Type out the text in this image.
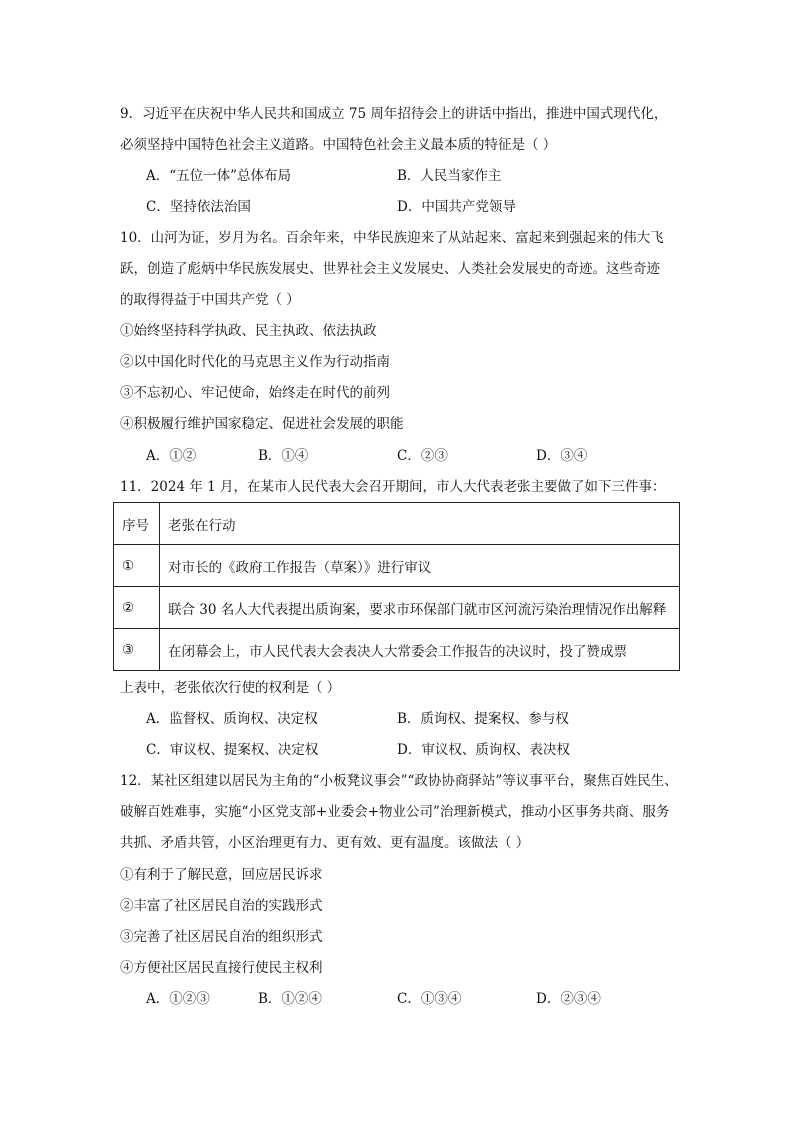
9．习近平在庆祝中华人民共和国成立 75 周年招待会上的讲话中指出，推进中国式现代化，
必须坚持中国特色社会主义道路。中国特色社会主义最本质的特征是（ ）
A．“五位一体”总体布局	B．人民当家作主
C．坚持依法治国	D．中国共产党领导
10．山河为证，岁月为名。百余年来，中华民族迎来了从站起来、富起来到强起来的伟大飞
跃，创造了彪炳中华民族发展史、世界社会主义发展史、人类社会发展史的奇迹。这些奇迹
的取得得益于中国共产党（ ）
①始终坚持科学执政、民主执政、依法执政
②以中国化时代化的马克思主义作为行动指南
③不忘初心、牢记使命，始终走在时代的前列
④积极履行维护国家稳定、促进社会发展的职能
A．①②	B．①④	C．②③	D．③④
11．2024 年 1 月，在某市人民代表大会召开期间，市人大代表老张主要做了如下三件事：
序号	老张在行动
①	对市长的《政府工作报告（草案）》进行审议
②	联合 30 名人大代表提出质询案，要求市环保部门就市区河流污染治理情况作出解释
③	在闭幕会上，市人民代表大会表决人大常委会工作报告的决议时，投了赞成票
上表中，老张依次行使的权利是（ ）
A．监督权、质询权、决定权	B．质询权、提案权、参与权
C．审议权、提案权、决定权	D．审议权、质询权、表决权
12．某社区组建以居民为主角的“小板凳议事会”“政协协商驿站”等议事平台，聚焦百姓民生、
破解百姓难事，实施“小区党支部+业委会+物业公司”治理新模式，推动小区事务共商、服务
共抓、矛盾共管，小区治理更有力、更有效、更有温度。该做法（ ）
①有利于了解民意，回应居民诉求
②丰富了社区居民自治的实践形式
③完善了社区居民自治的组织形式
④方便社区居民直接行使民主权利
A．①②③	B．①②④	C．①③④	D．②③④
